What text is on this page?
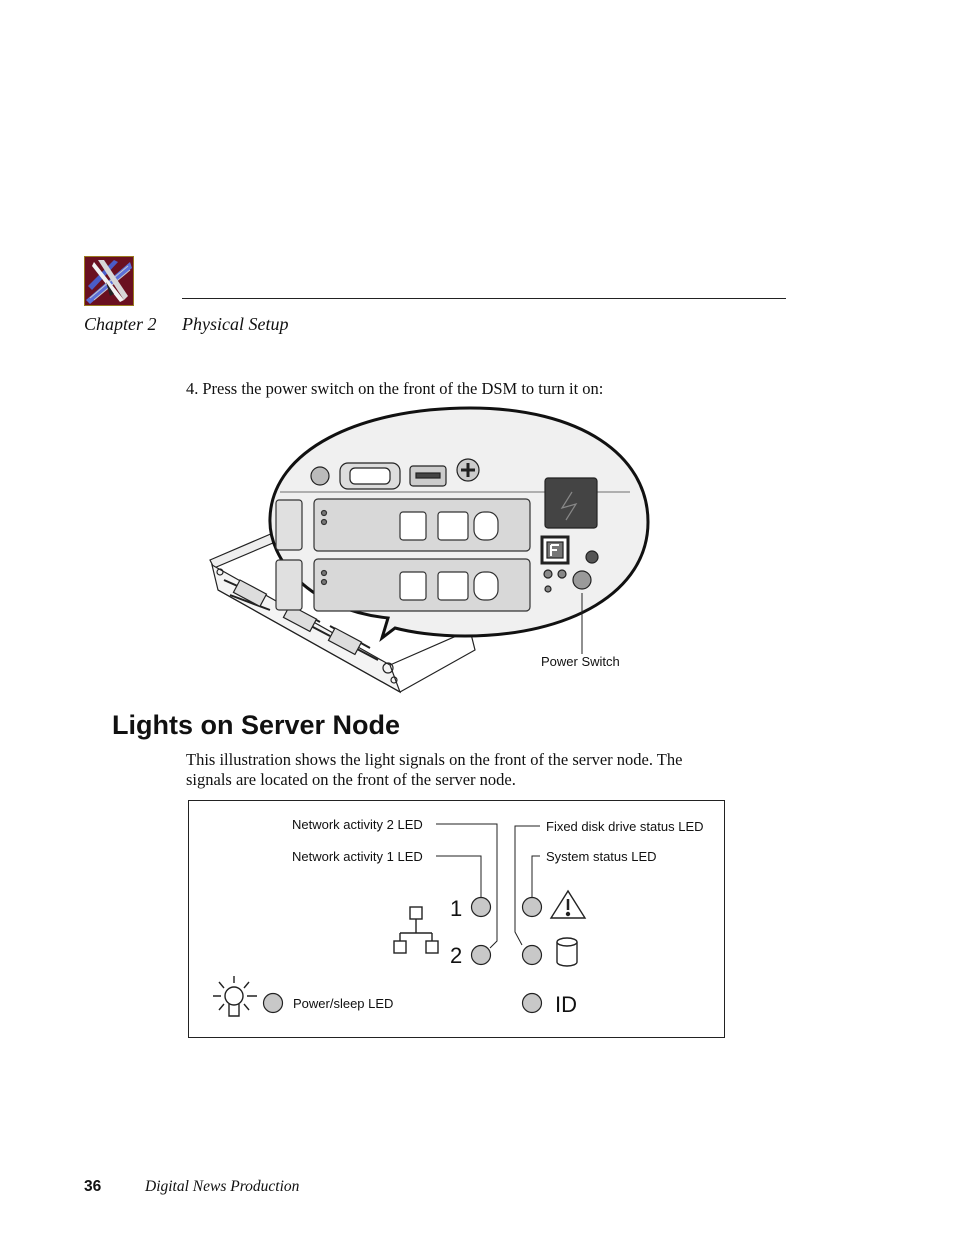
Chapter 2 Physical Setup
4. Press the power switch on the front of the DSM to turn it on:
Power Switch
Lights on Server Node

This illustration shows the light signals on the front of the server node. The signals are located on the front of the server node.

Network activity 2 LED
Network activity 1 LED
Fixed disk drive status LED
System status LED
Power/sleep LED
1
2
ID
36	Digital News Production
